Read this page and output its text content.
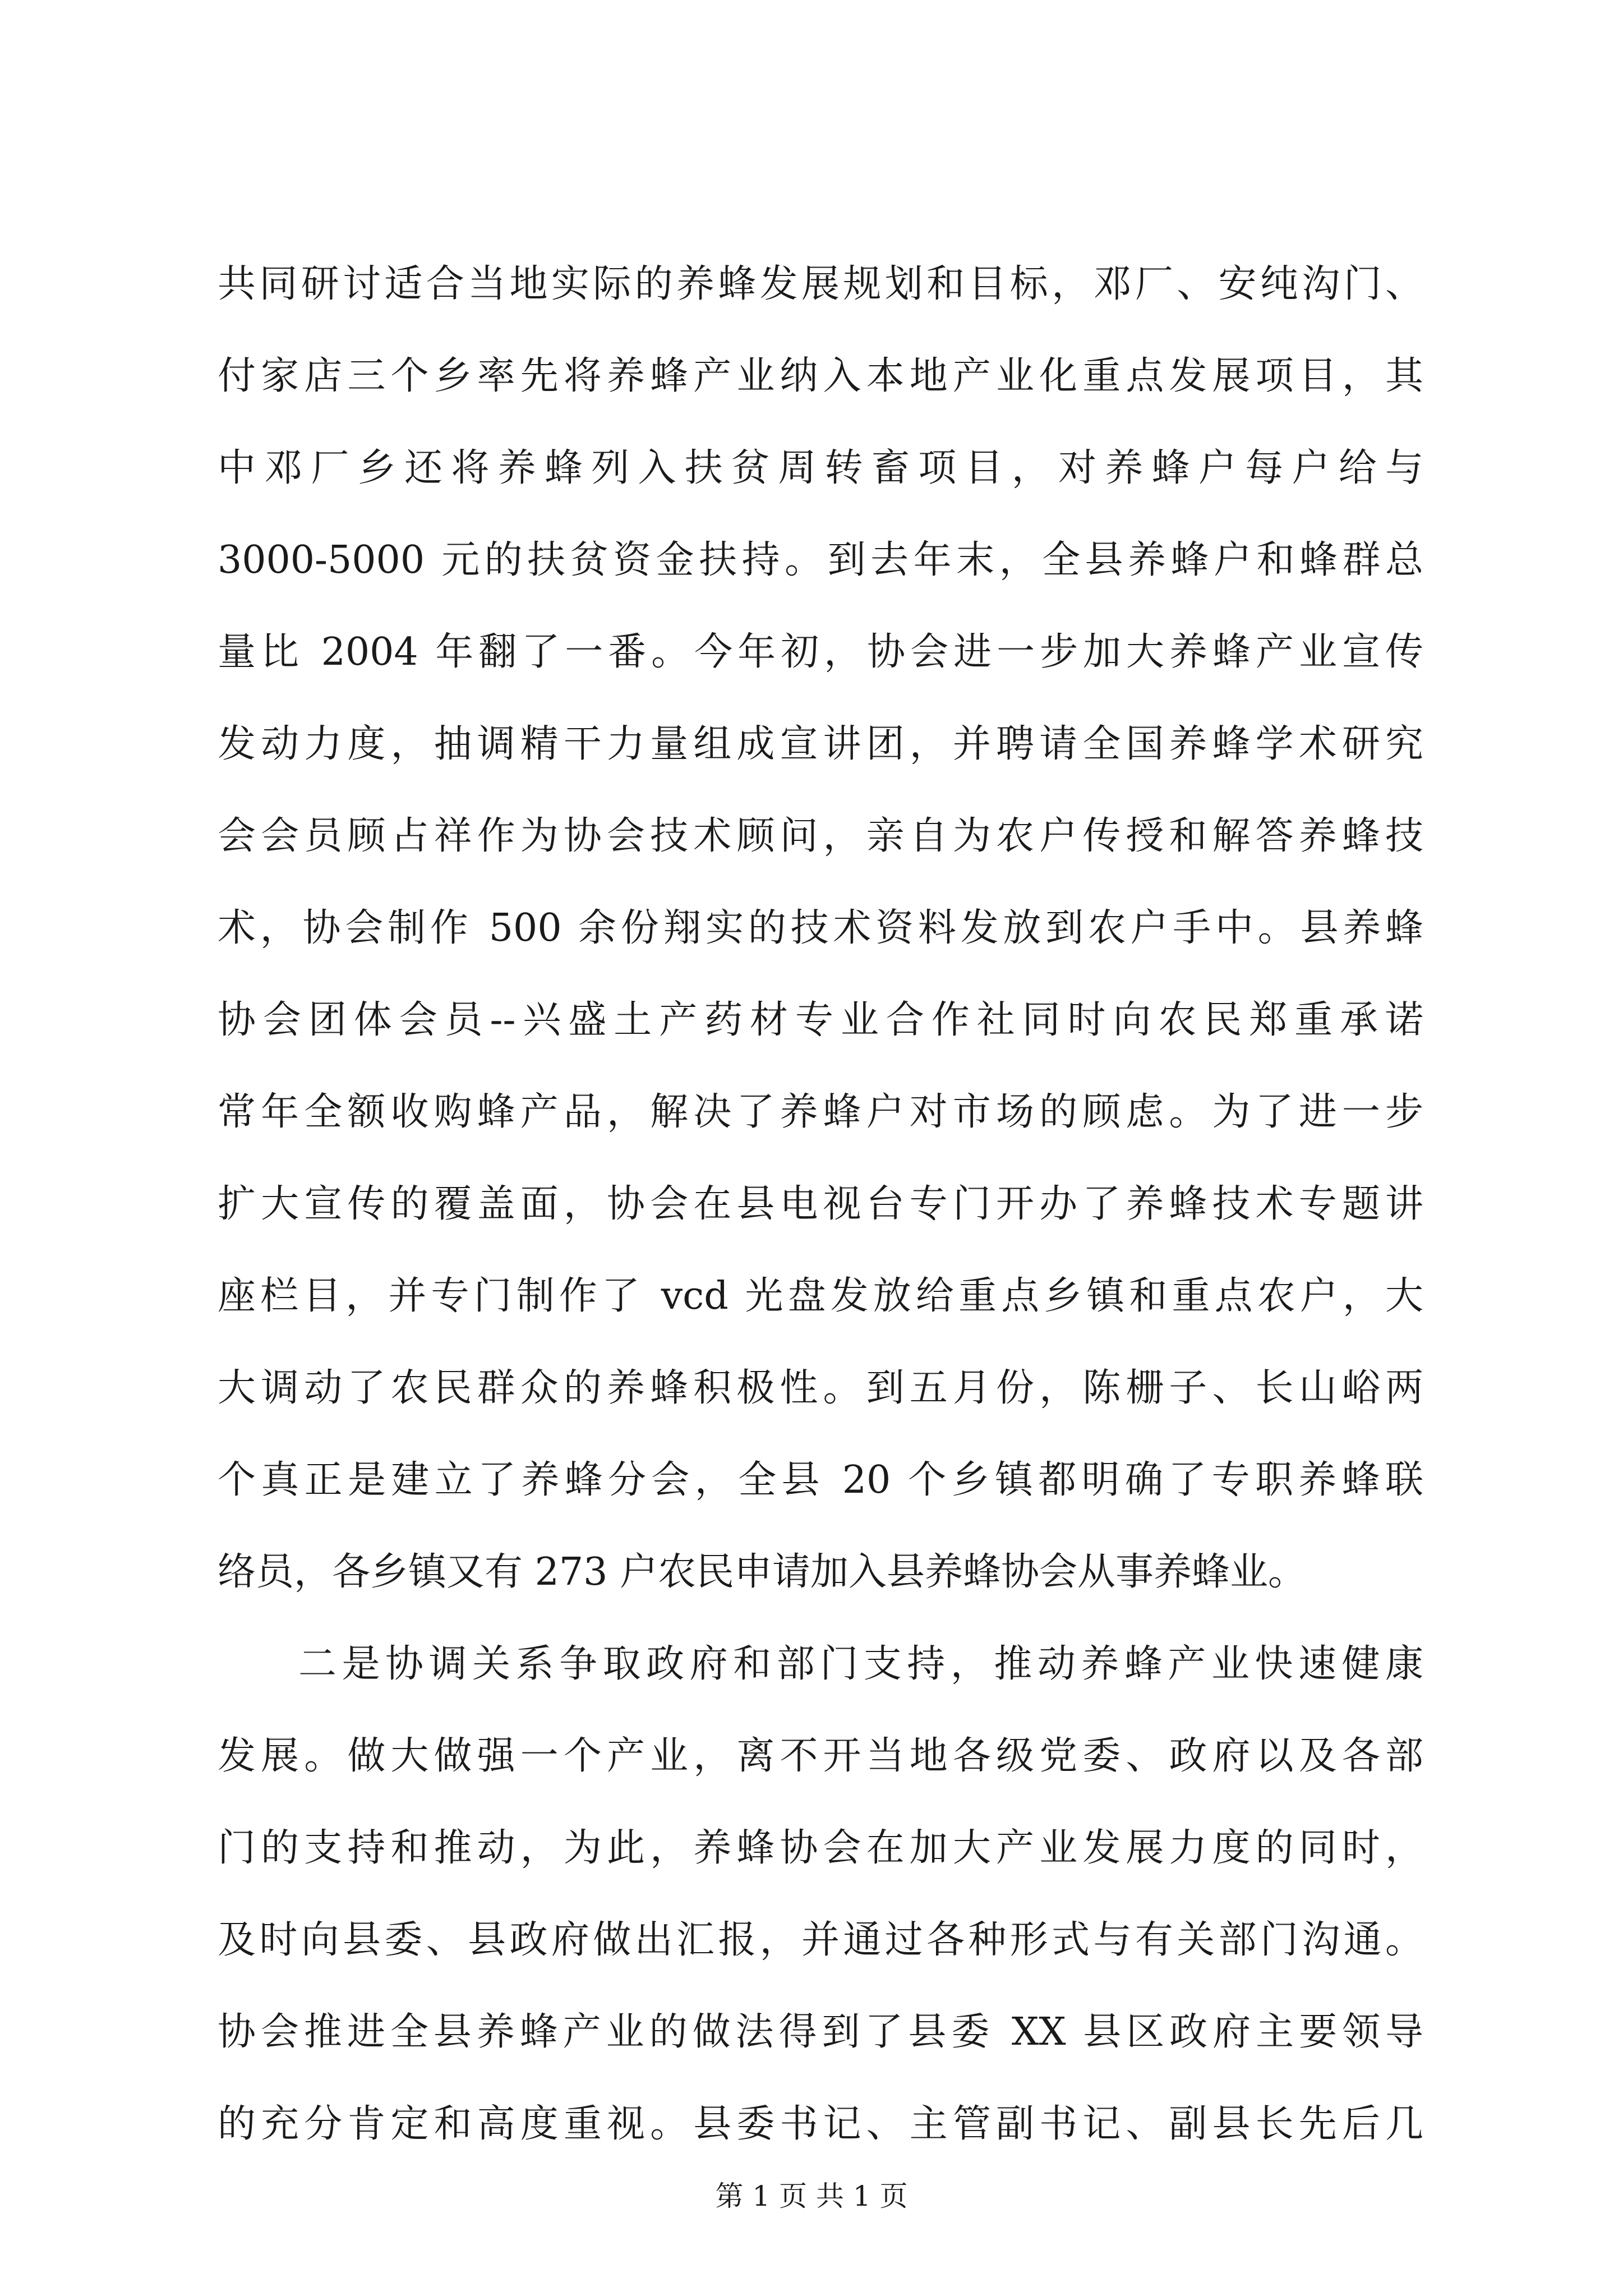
共同研讨适合当地实际的养蜂发展规划和目标，邓厂、安纯沟门、
付家店三个乡率先将养蜂产业纳入本地产业化重点发展项目，其
中邓厂乡还将养蜂列入扶贫周转畜项目，对养蜂户每户给与
3000-5000 元的扶贫资金扶持。到去年末，全县养蜂户和蜂群总
量比 2004 年翻了一番。今年初，协会进一步加大养蜂产业宣传
发动力度，抽调精干力量组成宣讲团，并聘请全国养蜂学术研究
会会员顾占祥作为协会技术顾问，亲自为农户传授和解答养蜂技
术，协会制作 500 余份翔实的技术资料发放到农户手中。县养蜂
协会团体会员--兴盛土产药材专业合作社同时向农民郑重承诺
常年全额收购蜂产品，解决了养蜂户对市场的顾虑。为了进一步
扩大宣传的覆盖面，协会在县电视台专门开办了养蜂技术专题讲
座栏目，并专门制作了 vcd 光盘发放给重点乡镇和重点农户，大
大调动了农民群众的养蜂积极性。到五月份，陈栅子、长山峪两
个真正是建立了养蜂分会，全县 20 个乡镇都明确了专职养蜂联
络员，各乡镇又有 273 户农民申请加入县养蜂协会从事养蜂业。
二是协调关系争取政府和部门支持，推动养蜂产业快速健康
发展。做大做强一个产业，离不开当地各级党委、政府以及各部
门的支持和推动，为此，养蜂协会在加大产业发展力度的同时，
及时向县委、县政府做出汇报，并通过各种形式与有关部门沟通。
协会推进全县养蜂产业的做法得到了县委 XX 县区政府主要领导
的充分肯定和高度重视。县委书记、主管副书记、副县长先后几
第 1 页 共 1 页
